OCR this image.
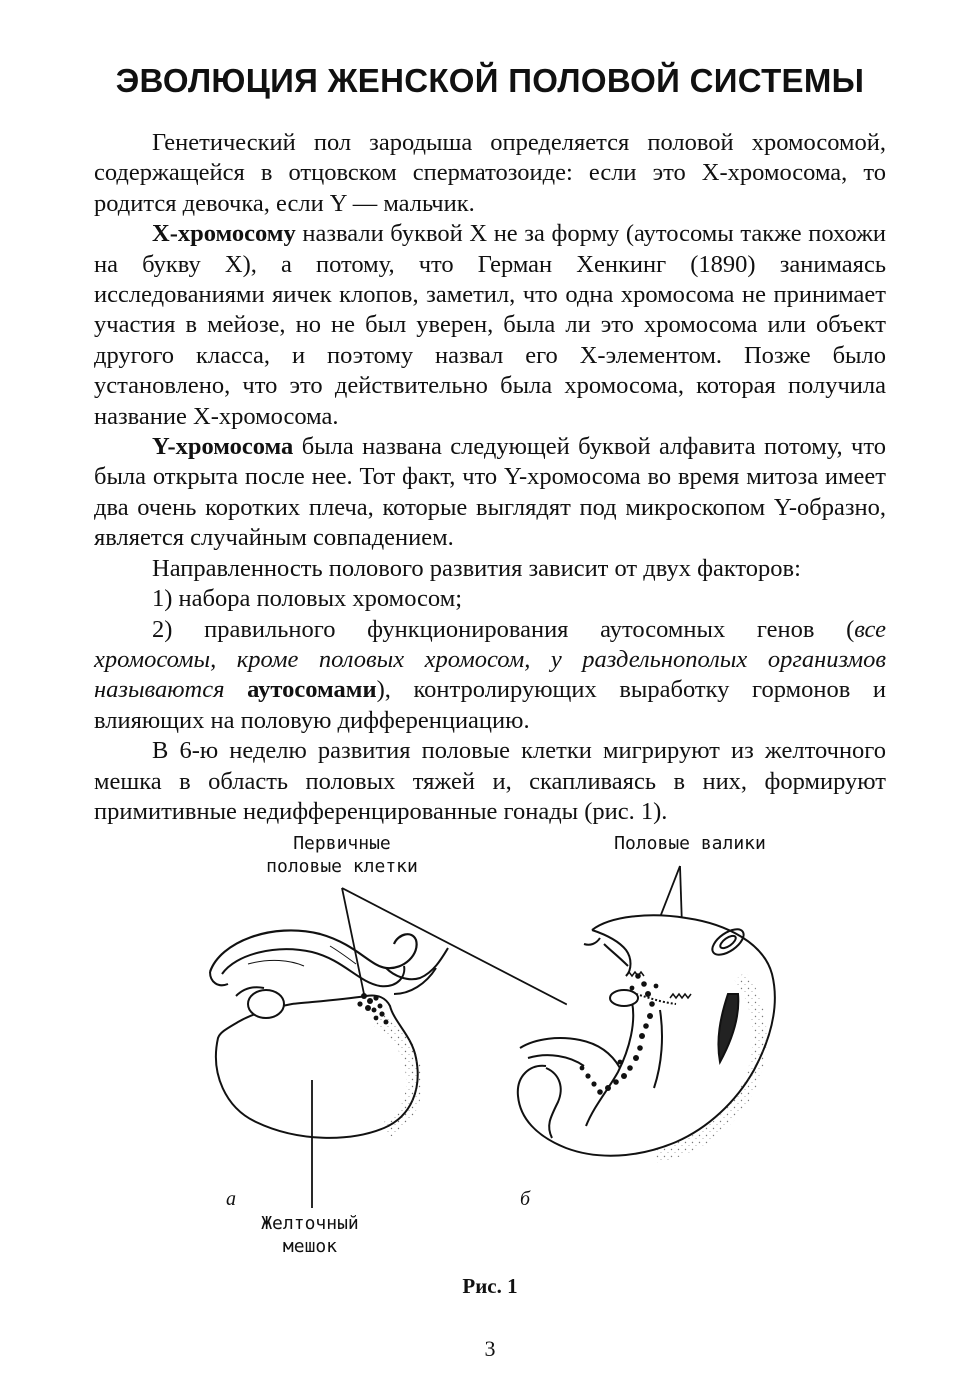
ЭВОЛЮЦИЯ ЖЕНСКОЙ ПОЛОВОЙ СИСТЕМЫ

Генетический пол зародыша определяется половой хромосомой, содержащейся в отцовском сперматозоиде: если это X-хромосома, то родится девочка, если Y — мальчик.

X-хромосому назвали буквой X не за форму (аутосомы также похожи на букву X), а потому, что Герман Хенкинг (1890) занимаясь исследованиями яичек клопов, заметил, что одна хромосома не принимает участия в мейозе, но не был уверен, была ли это хромосома или объект другого класса, и поэтому назвал его X-элементом. Позже было установлено, что это действительно была хромосома, которая получила название X-хромосома.

Y-хромосома была названа следующей буквой алфавита потому, что была открыта после нее. Тот факт, что Y-хромосома во время митоза имеет два очень коротких плеча, которые выглядят под микроскопом Y-образно, является случайным совпадением.

Направленность полового развития зависит от двух факторов:

1) набора половых хромосом;

2) правильного функционирования аутосомных генов (все хромосомы, кроме половых хромосом, у раздельнополых организмов называются аутосомами), контролирующих выработку гормонов и влияющих на половую дифференциацию.

В 6-ю неделю развития половые клетки мигрируют из желточного мешка в область половых тяжей и, скапливаясь в них, формируют примитивные недифференцированные гонады (рис. 1).

Первичные
половые клетки
Половые валики
Желточный
мешок
а	б
Рис. 1
3
